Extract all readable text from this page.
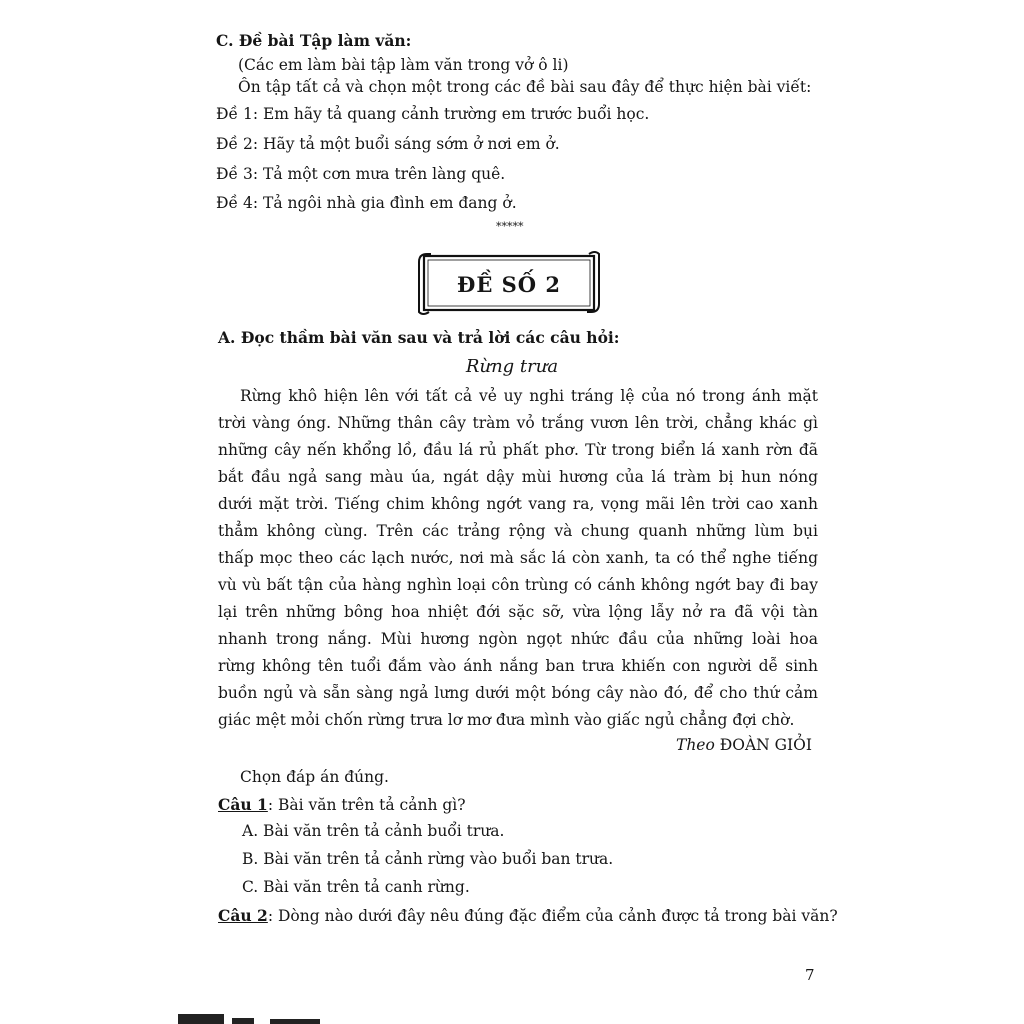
C. Đề bài Tập làm văn:
(Các em làm bài tập làm văn trong vở ô li)
Ôn tập tất cả và chọn một trong các đề bài sau đây để thực hiện bài viết:
Đề 1: Em hãy tả quang cảnh trường em trước buổi học.
Đề 2: Hãy tả một buổi sáng sớm ở nơi em ở.
Đề 3: Tả một cơn mưa trên làng quê.
Đề 4: Tả ngôi nhà gia đình em đang ở.
*****
ĐỀ SỐ 2
A. Đọc thầm bài văn sau và trả lời các câu hỏi:
Rừng trưa
Rừng khô hiện lên với tất cả vẻ uy nghi tráng lệ của nó trong ánh mặt
trời vàng óng. Những thân cây tràm vỏ trắng vươn lên trời, chẳng khác gì
những cây nến khổng lồ, đầu lá rủ phất phơ. Từ trong biển lá xanh rờn đã
bắt đầu ngả sang màu úa, ngát dậy mùi hương của lá tràm bị hun nóng
dưới mặt trời. Tiếng chim không ngớt vang ra, vọng mãi lên trời cao xanh
thẳm không cùng. Trên các trảng rộng và chung quanh những lùm bụi
thấp mọc theo các lạch nước, nơi mà sắc lá còn xanh, ta có thể nghe tiếng
vù vù bất tận của hàng nghìn loại côn trùng có cánh không ngớt bay đi bay
lại trên những bông hoa nhiệt đới sặc sỡ, vừa lộng lẫy nở ra đã vội tàn
nhanh trong nắng. Mùi hương ngòn ngọt nhức đầu của những loài hoa
rừng không tên tuổi đắm vào ánh nắng ban trưa khiến con người dễ sinh
buồn ngủ và sẵn sàng ngả lưng dưới một bóng cây nào đó, để cho thứ cảm
giác mệt mỏi chốn rừng trưa lơ mơ đưa mình vào giấc ngủ chẳng đợi chờ.
Theo ĐOÀN GIỎI
Chọn đáp án đúng.
Câu 1: Bài văn trên tả cảnh gì?
A. Bài văn trên tả cảnh buổi trưa.
B. Bài văn trên tả cảnh rừng vào buổi ban trưa.
C. Bài văn trên tả canh rừng.
Câu 2: Dòng nào dưới đây nêu đúng đặc điểm của cảnh được tả trong bài văn?
7
